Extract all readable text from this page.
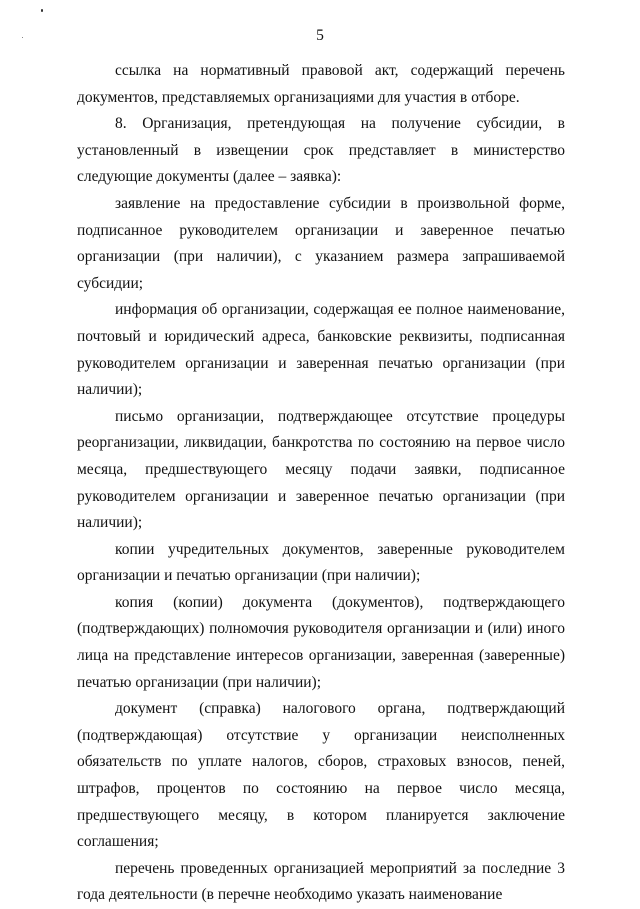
5

ссылка на нормативный правовой акт, содержащий перечень документов, представляемых организациями для участия в отборе.

8. Организация, претендующая на получение субсидии, в установленный в извещении срок представляет в министерство следующие документы (далее – заявка):

заявление на предоставление субсидии в произвольной форме, подписанное руководителем организации и заверенное печатью организации (при наличии), с указанием размера запрашиваемой субсидии;

информация об организации, содержащая ее полное наименование, почтовый и юридический адреса, банковские реквизиты, подписанная руководителем организации и заверенная печатью организации (при наличии);

письмо организации, подтверждающее отсутствие процедуры реорганизации, ликвидации, банкротства по состоянию на первое число месяца, предшествующего месяцу подачи заявки, подписанное руководителем организации и заверенное печатью организации (при наличии);

копии учредительных документов, заверенные руководителем организации и печатью организации (при наличии);

копия (копии) документа (документов), подтверждающего (подтверждающих) полномочия руководителя организации и (или) иного лица на представление интересов организации, заверенная (заверенные) печатью организации (при наличии);

документ (справка) налогового органа, подтверждающий (подтверждающая) отсутствие у организации неисполненных обязательств по уплате налогов, сборов, страховых взносов, пеней, штрафов, процентов по состоянию на первое число месяца, предшествующего месяцу, в котором планируется заключение соглашения;

перечень проведенных организацией мероприятий за последние 3 года деятельности (в перечне необходимо указать наименование
